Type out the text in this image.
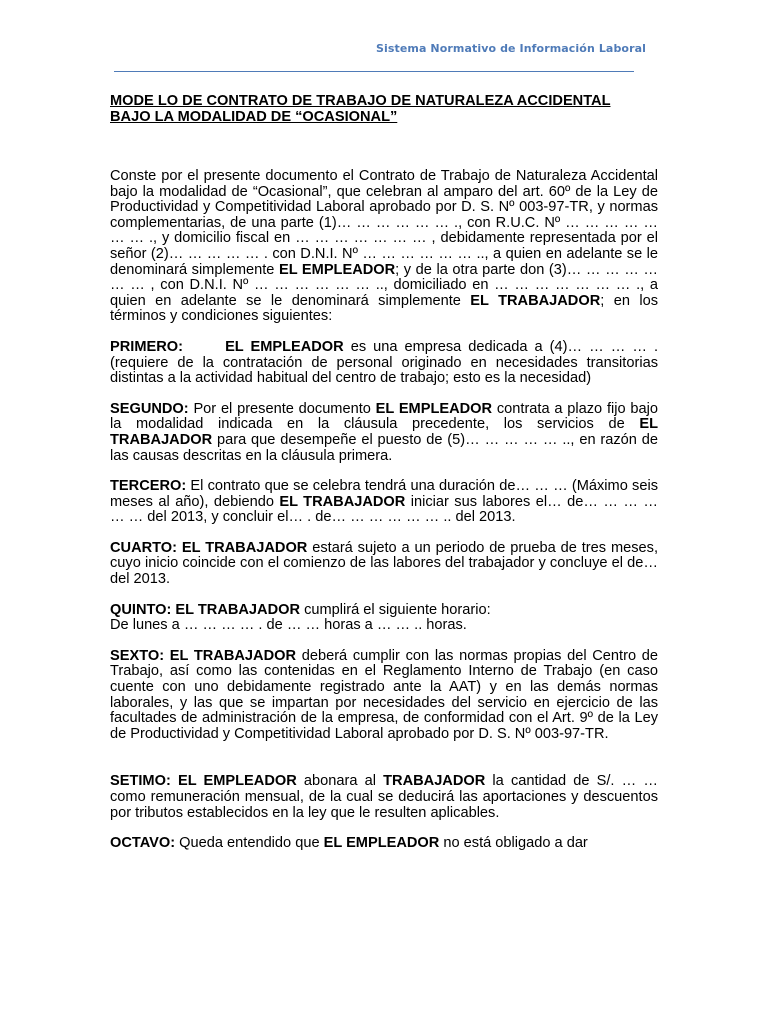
Sistema Normativo de Información Laboral
MODE LO DE CONTRATO DE TRABAJO DE NATURALEZA ACCIDENTAL
BAJO LA MODALIDAD DE “OCASIONAL”

Conste por el presente documento el Contrato de Trabajo de Naturaleza Accidental bajo la modalidad de “Ocasional”, que celebran al amparo del art. 60º de la Ley de Productividad y Competitividad Laboral aprobado por D. S. Nº 003-97-TR, y normas complementarias, de una parte (1)… … … … … … ., con R.U.C. Nº … … … … … … … ., y domicilio fiscal en … … … … … … … , debidamente representada por el señor (2)… … … … … . con D.N.I. Nº … … … … … … .., a quien en adelante se le denominará simplemente EL EMPLEADOR; y de la otra parte don (3)… … … … … … … , con D.N.I. Nº … … … … … … .., domiciliado en … … … … … … … ., a quien en adelante se le denominará simplemente EL TRABAJADOR; en los términos y condiciones siguientes:

PRIMERO:	EL EMPLEADOR es una empresa dedicada a (4)… … … … .(requiere de la contratación de personal originado en necesidades transitorias distintas a la actividad habitual del centro de trabajo; esto es la necesidad)

SEGUNDO: Por el presente documento EL EMPLEADOR contrata a plazo fijo bajo la modalidad indicada en la cláusula precedente, los servicios de EL TRABAJADOR para que desempeñe el puesto de (5)… … … … … .., en razón de las causas descritas en la cláusula primera.

TERCERO: El contrato que se celebra tendrá una duración de… … … (Máximo seis meses al año), debiendo EL TRABAJADOR iniciar sus labores el… de… … … … … … del 2013, y concluir el… . de… … … … … … .. del 2013.

CUARTO: EL TRABAJADOR estará sujeto a un periodo de prueba de tres meses, cuyo inicio coincide con el comienzo de las labores del trabajador y concluye el de… del 2013.

QUINTO: EL TRABAJADOR cumplirá el siguiente horario:
De lunes a … … … … . de … … horas a … … .. horas.

SEXTO: EL TRABAJADOR deberá cumplir con las normas propias del Centro de Trabajo, así como las contenidas en el Reglamento Interno de Trabajo (en caso cuente con uno debidamente registrado ante la AAT) y en las demás normas laborales, y las que se impartan por necesidades del servicio en ejercicio de las facultades de administración de la empresa, de conformidad con el Art. 9º de la Ley de Productividad y Competitividad Laboral aprobado por D. S. Nº 003-97-TR.

SETIMO: EL EMPLEADOR abonara al TRABAJADOR la cantidad de S/. … … como remuneración mensual, de la cual se deducirá las aportaciones y descuentos por tributos establecidos en la ley que le resulten aplicables.

OCTAVO: Queda entendido que EL EMPLEADOR no está obligado a dar
